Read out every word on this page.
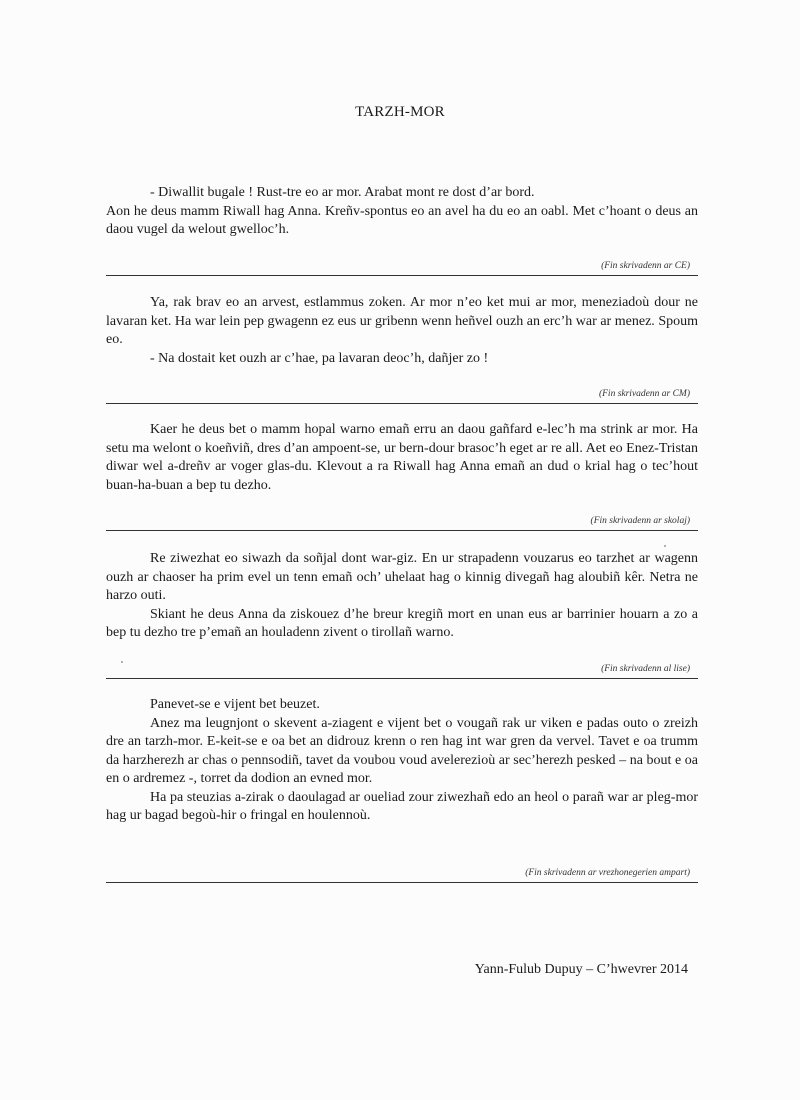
TARZH-MOR

- Diwallit bugale ! Rust-tre eo ar mor. Arabat mont re dost d’ar bord.

Aon he deus mamm Riwall hag Anna. Kreñv-spontus eo an avel ha du eo an oabl. Met c’hoant o deus an daou vugel da welout gwelloc’h.

(Fin skrivadenn ar CE)

Ya, rak brav eo an arvest, estlammus zoken. Ar mor n’eo ket mui ar mor, meneziadoù dour ne lavaran ket. Ha war lein pep gwagenn ez eus ur gribenn wenn heñvel ouzh an erc’h war ar menez. Spoum eo.

- Na dostait ket ouzh ar c’hae, pa lavaran deoc’h, dañjer zo !

(Fin skrivadenn ar CM)

Kaer he deus bet o mamm hopal warno emañ erru an daou gañfard e-lec’h ma strink ar mor. Ha setu ma welont o koeñviñ, dres d’an ampoent-se, ur bern-dour brasoc’h eget ar re all. Aet eo Enez-Tristan diwar wel a-dreñv ar voger glas-du. Klevout a ra Riwall hag Anna emañ an dud o krial hag o tec’hout buan-ha-buan a bep tu dezho.

(Fin skrivadenn ar skolaj)

Re ziwezhat eo siwazh da soñjal dont war-giz. En ur strapadenn vouzarus eo tarzhet ar wagenn ouzh ar chaoser ha prim evel un tenn emañ och’ uhelaat hag o kinnig divegañ hag aloubiñ kêr. Netra ne harzo outi.

Skiant he deus Anna da ziskouez d’he breur kregiñ mort en unan eus ar barrinier houarn a zo a bep tu dezho tre p’emañ an houladenn zivent o tirollañ warno.

(Fin skrivadenn al lise)

Panevet-se e vijent bet beuzet.

Anez ma leugnjont o skevent a-ziagent e vijent bet o vougañ rak ur viken e padas outo o zreizh dre an tarzh-mor. E-keit-se e oa bet an didrouz krenn o ren hag int war gren da vervel. Tavet e oa trumm da harzherezh ar chas o pennsodiñ, tavet da voubou voud avelerezioù ar sec’herezh pesked – na bout e oa en o ardremez -, torret da dodion an evned mor.

Ha pa steuzias a-zirak o daoulagad ar oueliad zour ziwezhañ edo an heol o parañ war ar pleg-mor hag ur bagad begoù-hir o fringal en houlennoù.

(Fin skrivadenn ar vrezhonegerien ampart)
Yann-Fulub Dupuy – C’hwevrer 2014
